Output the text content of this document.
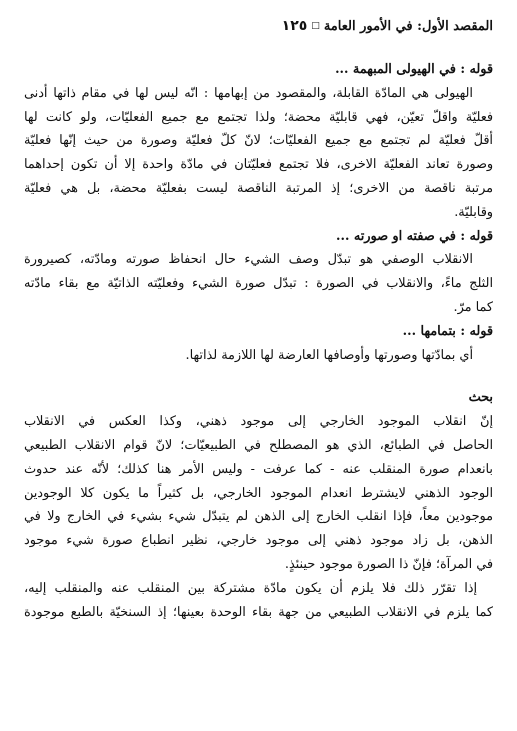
المقصد الأول: في الأمور العامة
□
١٢٥
قوله : في الهيولى المبهمة ...
الهيولى هي المادّة القابلة، والمقصود من إبهامها : انّه ليس لها في مقام ذاتها أدنى
فعليّة واقلّ تعيّن، فهي قابليّة محضة؛ ولذا تجتمع مع جميع الفعليّات، ولو كانت لها
أقلّ فعليّة لم تجتمع مع جميع الفعليّات؛ لانّ كلّ فعليّة وصورة من حيث إنّها فعليّة
وصورة تعاند الفعليّة الاخرى، فلا تجتمع فعليّتان في مادّة واحدة إلا أن تكون إحداهما
مرتبة ناقصة من الاخرى؛ إذ المرتبة الناقصة ليست بفعليّة محضة، بل هي فعليّة
وقابليّة.
قوله : في صفته او صورته ...
الانقلاب الوصفي هو تبدّل وصف الشيء حال انحفاظ صورته ومادّته، كصيرورة
الثلج ماءً، والانقلاب في الصورة : تبدّل صورة الشيء وفعليّته الذاتيّة مع بقاء مادّته
كما مرّ.
قوله : بتمامها ...
أي بمادّتها وصورتها وأوصافها العارضة لها اللازمة لذاتها.
بحث
إنّ انقلاب الموجود الخارجي إلى موجود ذهني، وكذا العكس في الانقلاب
الحاصل في الطبائع، الذي هو المصطلح في الطبيعيّات؛ لانّ قوام الانقلاب الطبيعي
بانعدام صورة المنقلب عنه - كما عرفت - وليس الأمر هنا كذلك؛ لأنّه عند حدوث
الوجود الذهني لايشترط انعدام الموجود الخارجي، بل كثيراً ما يكون كلا الوجودين
موجودين معاً، فإذا انقلب الخارج إلى الذهن لم يتبدّل شيء بشيء في الخارج ولا في
الذهن، بل زاد موجود ذهني إلى موجود خارجي، نظير انطباع صورة شيء موجود
في المرآة؛ فإنّ ذا الصورة موجود حينئذٍ.
إذا تقرّر ذلك فلا يلزم أن يكون مادّة مشتركة بين المنقلب عنه والمنقلب إليه،
كما يلزم في الانقلاب الطبيعي من جهة بقاء الوحدة بعينها؛ إذ السنخيّة بالطبع موجودة
